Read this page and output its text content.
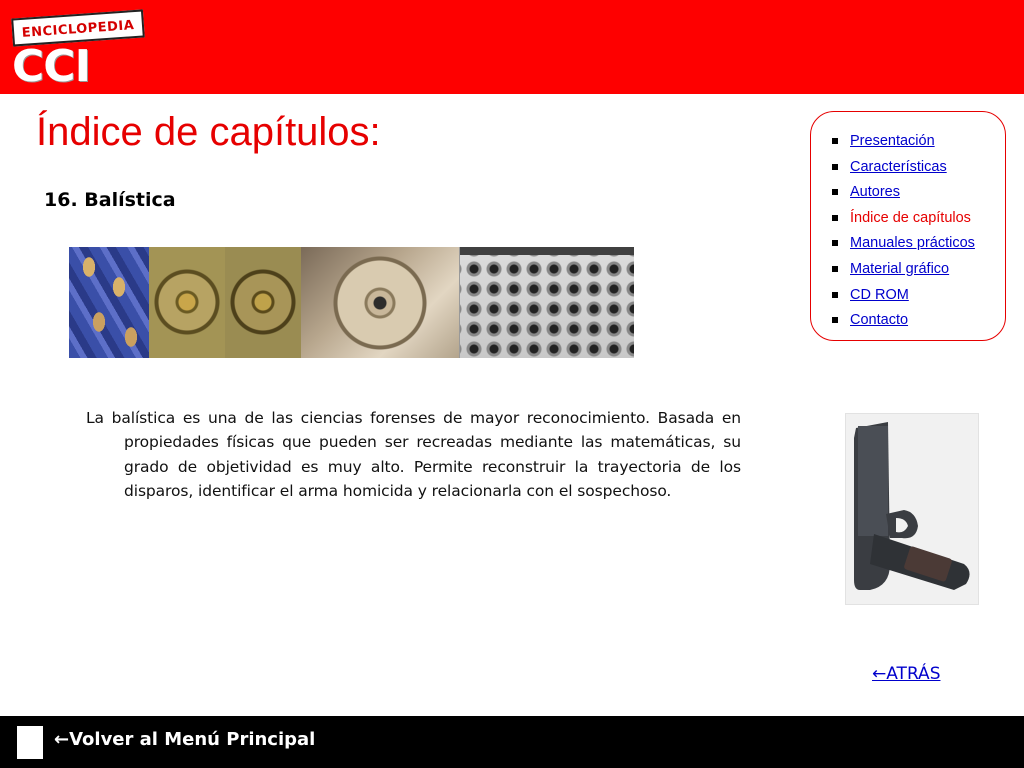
ENCICLOPEDIA
CCI
Índice de capítulos:
16. Balística

La balística es una de las ciencias forenses de mayor reconocimiento. Basada en propiedades físicas que pueden ser recreadas mediante las matemáticas, su grado de objetividad es muy alto. Permite reconstruir la trayectoria de los disparos, identificar el arma homicida y relacionarla con el sospechoso.

←ATRÁS
Presentación
Características
Autores
Índice de capítulos
Manuales prácticos
Material gráfico
CD ROM
Contacto
←Volver al Menú Principal
